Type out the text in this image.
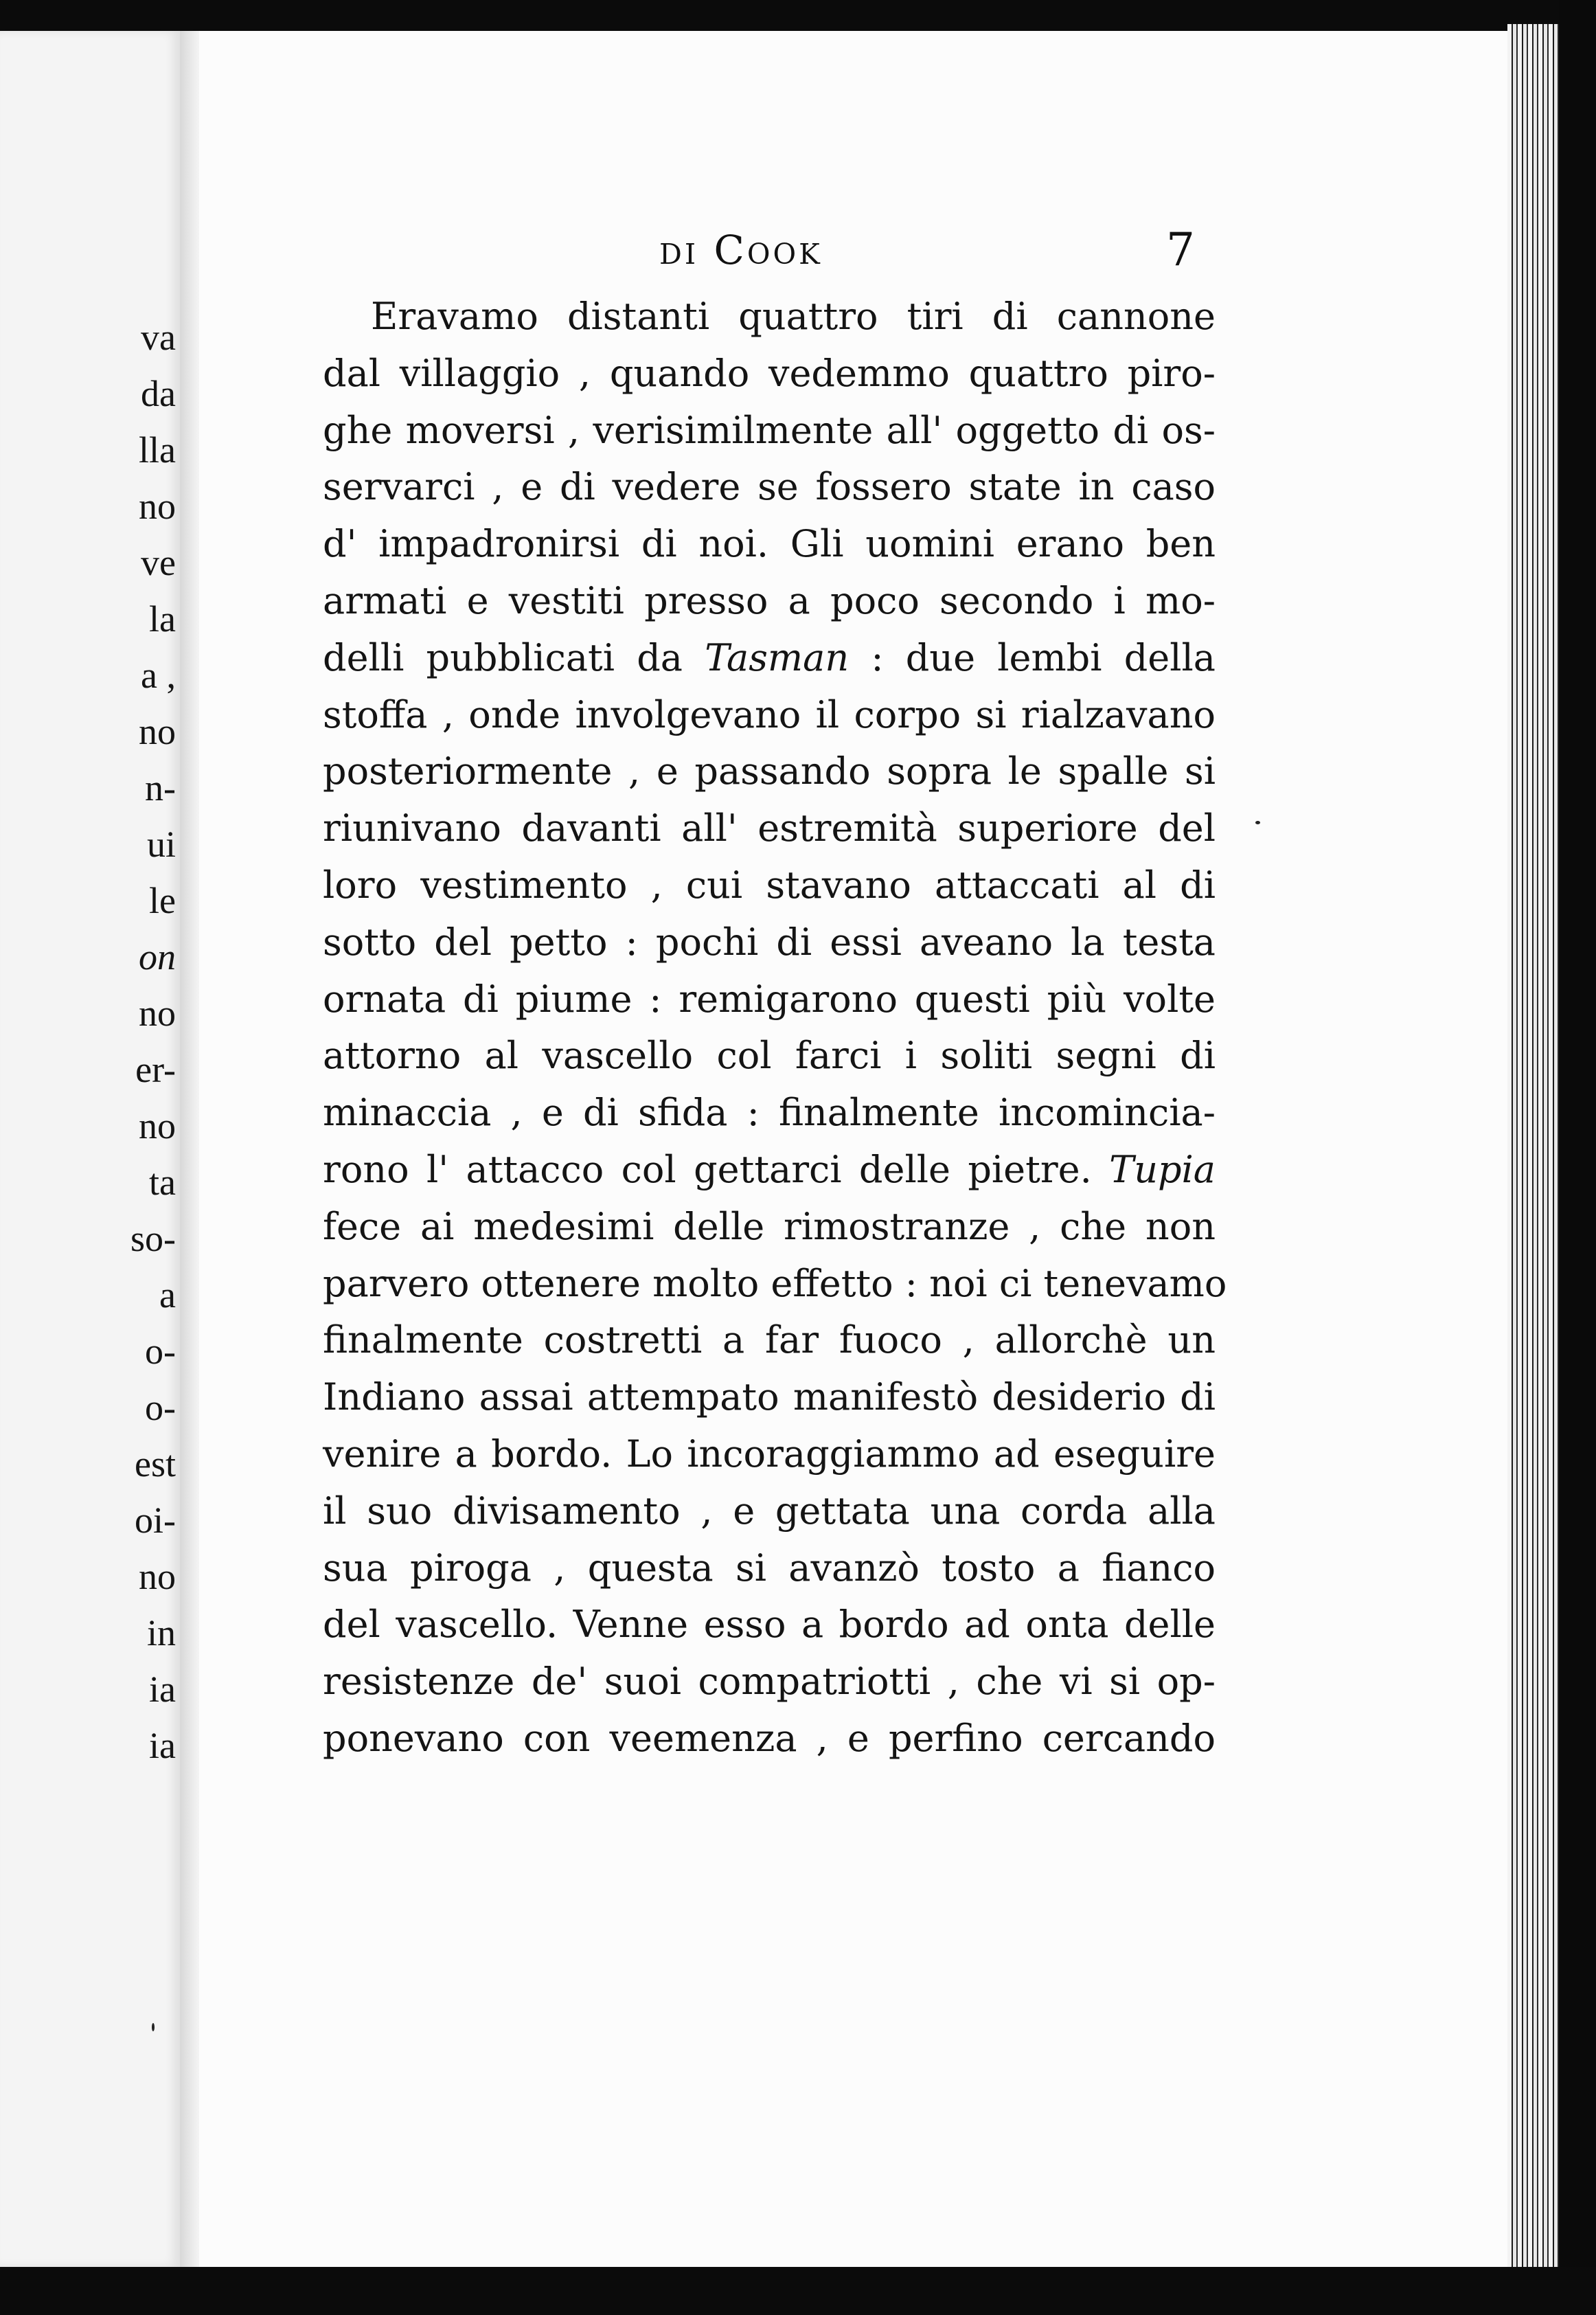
va
da
lla
no
ve
la
a ,
no
n-
ui
le
on
no
er-
no
ta
so-
a
o-
o-
est
oi-
no
in
ia
ia
di Cook	7
Eravamo distanti quattro tiri di cannone
dal villaggio , quando vedemmo quattro piro-
ghe moversi , verisimilmente all' oggetto di os-
servarci , e di vedere se fossero state in caso
d' impadronirsi di noi. Gli uomini erano ben
armati e vestiti presso a poco secondo i mo-
delli pubblicati da Tasman : due lembi della
stoffa , onde involgevano il corpo si rialzavano
posteriormente , e passando sopra le spalle si
riunivano davanti all' estremità superiore del
loro vestimento , cui stavano attaccati al di
sotto del petto : pochi di essi aveano la testa
ornata di piume : remigarono questi più volte
attorno al vascello col farci i soliti segni di
minaccia , e di sfida : finalmente incominciа-
rono l' attacco col gettarci delle pietre. Tupia
fece ai medesimi delle rimostranze , che non
parvero ottenere molto effetto : noi ci tenevamo
finalmente costretti a far fuoco , allorchè un
Indiano assai attempato manifestò desiderio di
venire a bordo. Lo incoraggiammo ad eseguire
il suo divisamento , e gettata una corda alla
sua piroga , questa si avanzò tosto a fianco
del vascello. Venne esso a bordo ad onta delle
resistenze de' suoi compatriotti , che vi si op-
ponevano con veemenza , e perfino cercando
